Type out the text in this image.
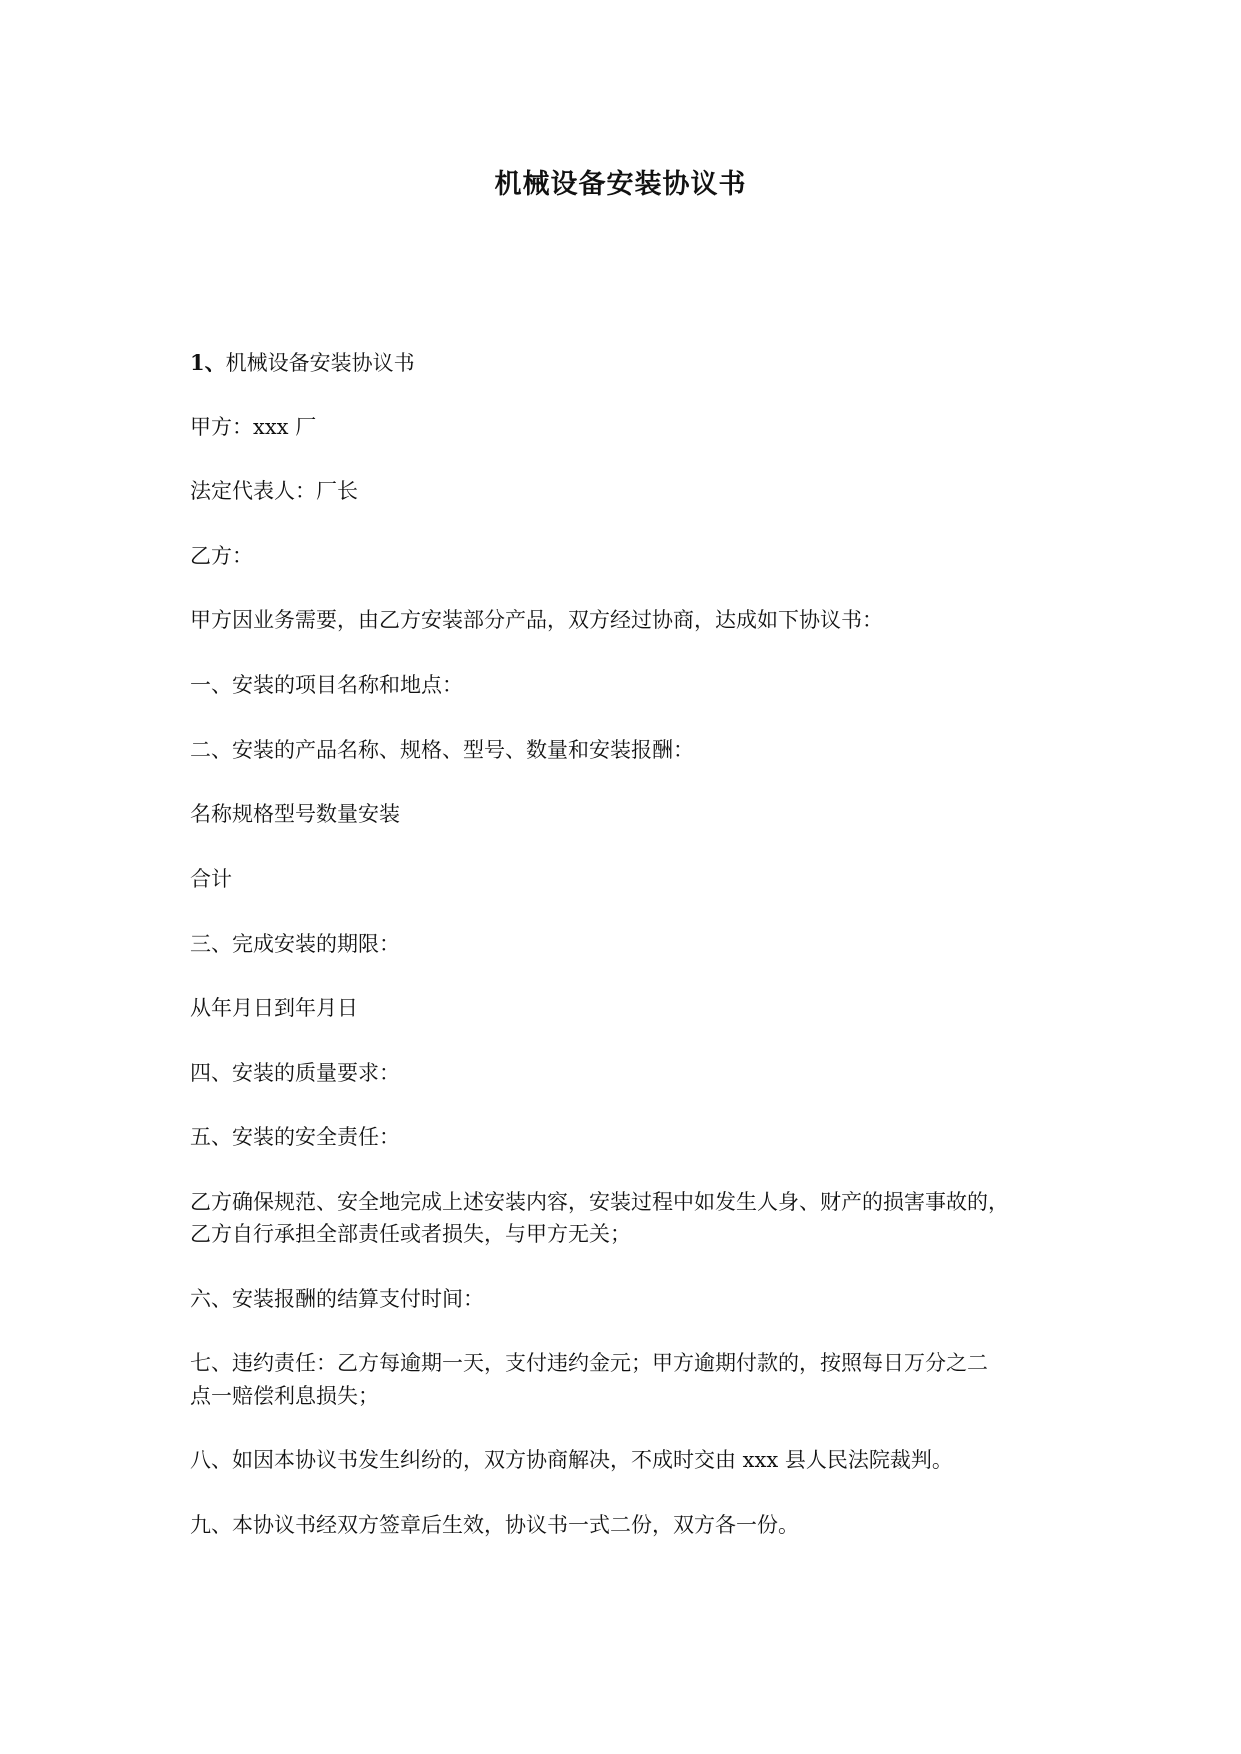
机械设备安装协议书

1、机械设备安装协议书

甲方：xxx 厂

法定代表人：厂长

乙方：

甲方因业务需要，由乙方安装部分产品，双方经过协商，达成如下协议书：

一、安装的项目名称和地点：

二、安装的产品名称、规格、型号、数量和安装报酬：

名称规格型号数量安装

合计

三、完成安装的期限：

从年月日到年月日

四、安装的质量要求：

五、安装的安全责任：

乙方确保规范、安全地完成上述安装内容，安装过程中如发生人身、财产的损害事故的，

乙方自行承担全部责任或者损失，与甲方无关；

六、安装报酬的结算支付时间：

七、违约责任：乙方每逾期一天，支付违约金元；甲方逾期付款的，按照每日万分之二

点一赔偿利息损失；

八、如因本协议书发生纠纷的，双方协商解决，不成时交由 xxx 县人民法院裁判。

九、本协议书经双方签章后生效，协议书一式二份，双方各一份。
